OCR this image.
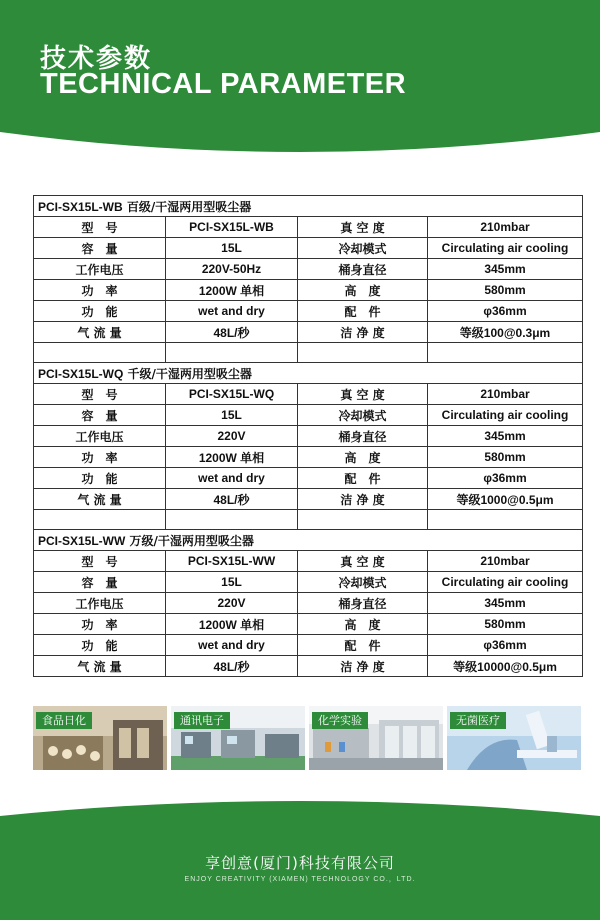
技术参数
TECHNICAL PARAMETER
PCI-SX15L-WB 百级/干湿两用型吸尘器			
型　号	PCI-SX15L-WB	真 空 度	210mbar
容　量	15L	冷却模式	Circulating air cooling
工作电压	220V-50Hz	桶身直径	345mm
功　率	1200W 单相	高　度	580mm
功　能	wet and dry	配　件	φ36mm
气 流 量	48L/秒	洁 净 度	等级100@0.3μm

PCI-SX15L-WQ 千级/干湿两用型吸尘器			
型　号	PCI-SX15L-WQ	真 空 度	210mbar
容　量	15L	冷却模式	Circulating air cooling
工作电压	220V	桶身直径	345mm
功　率	1200W 单相	高　度	580mm
功　能	wet and dry	配　件	φ36mm
气 流 量	48L/秒	洁 净 度	等级1000@0.5μm

PCI-SX15L-WW 万级/干湿两用型吸尘器			
型　号	PCI-SX15L-WW	真 空 度	210mbar
容　量	15L	冷却模式	Circulating air cooling
工作电压	220V	桶身直径	345mm
功　率	1200W 单相	高　度	580mm
功　能	wet and dry	配　件	φ36mm
气 流 量	48L/秒	洁 净 度	等级10000@0.5μm
食品日化	通讯电子	化学实验	无菌医疗
享创意(厦门)科技有限公司
ENJOY CREATIVITY (XIAMEN) TECHNOLOGY CO.，LTD.
